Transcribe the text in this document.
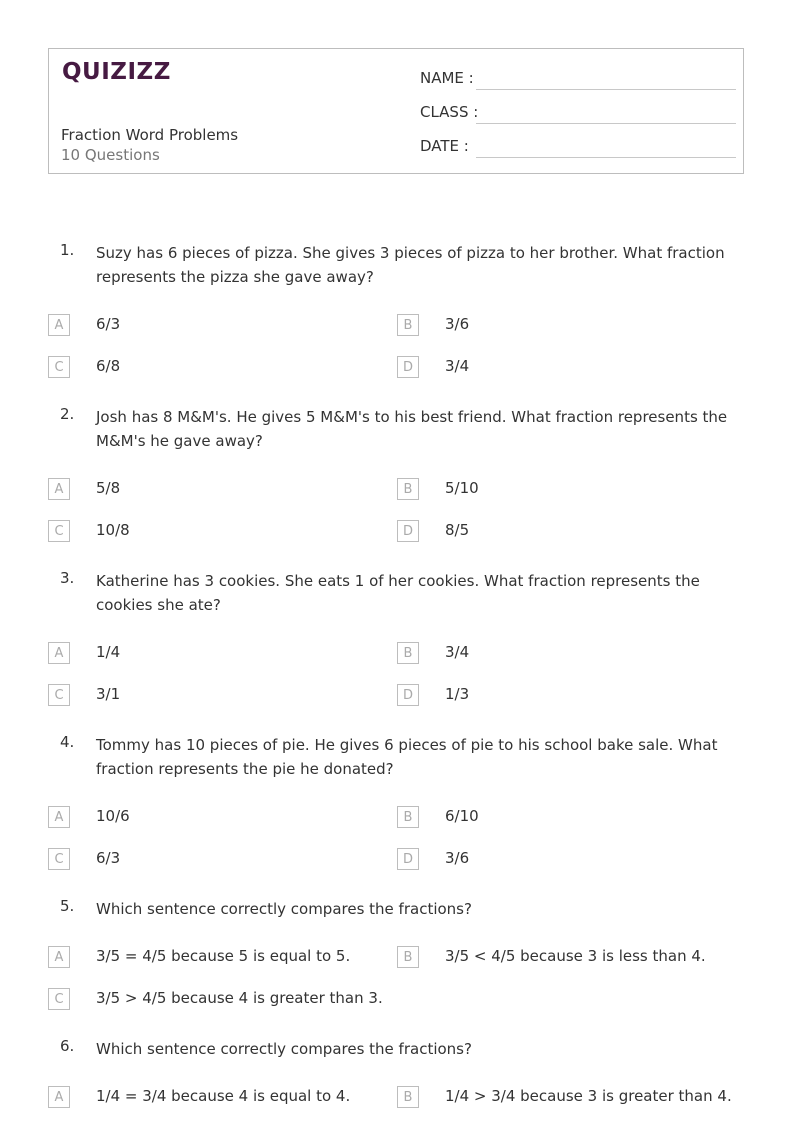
QUIZIZZ
Fraction Word Problems
10 Questions
NAME :
CLASS :
DATE :
1. Suzy has 6 pieces of pizza. She gives 3 pieces of pizza to her brother. What fraction represents the pizza she gave away?
A	6/3	B	3/6
C	6/8	D	3/4
2. Josh has 8 M&M's. He gives 5 M&M's to his best friend. What fraction represents the M&M's he gave away?
A	5/8	B	5/10
C	10/8	D	8/5
3. Katherine has 3 cookies. She eats 1 of her cookies. What fraction represents the cookies she ate?
A	1/4	B	3/4
C	3/1	D	1/3
4. Tommy has 10 pieces of pie. He gives 6 pieces of pie to his school bake sale. What fraction represents the pie he donated?
A	10/6	B	6/10
C	6/3	D	3/6
5. Which sentence correctly compares the fractions?
A	3/5 = 4/5 because 5 is equal to 5.	B	3/5 < 4/5 because 3 is less than 4.
C	3/5 > 4/5 because 4 is greater than 3.
6. Which sentence correctly compares the fractions?
A	1/4 = 3/4 because 4 is equal to 4.	B	1/4 > 3/4 because 3 is greater than 4.
